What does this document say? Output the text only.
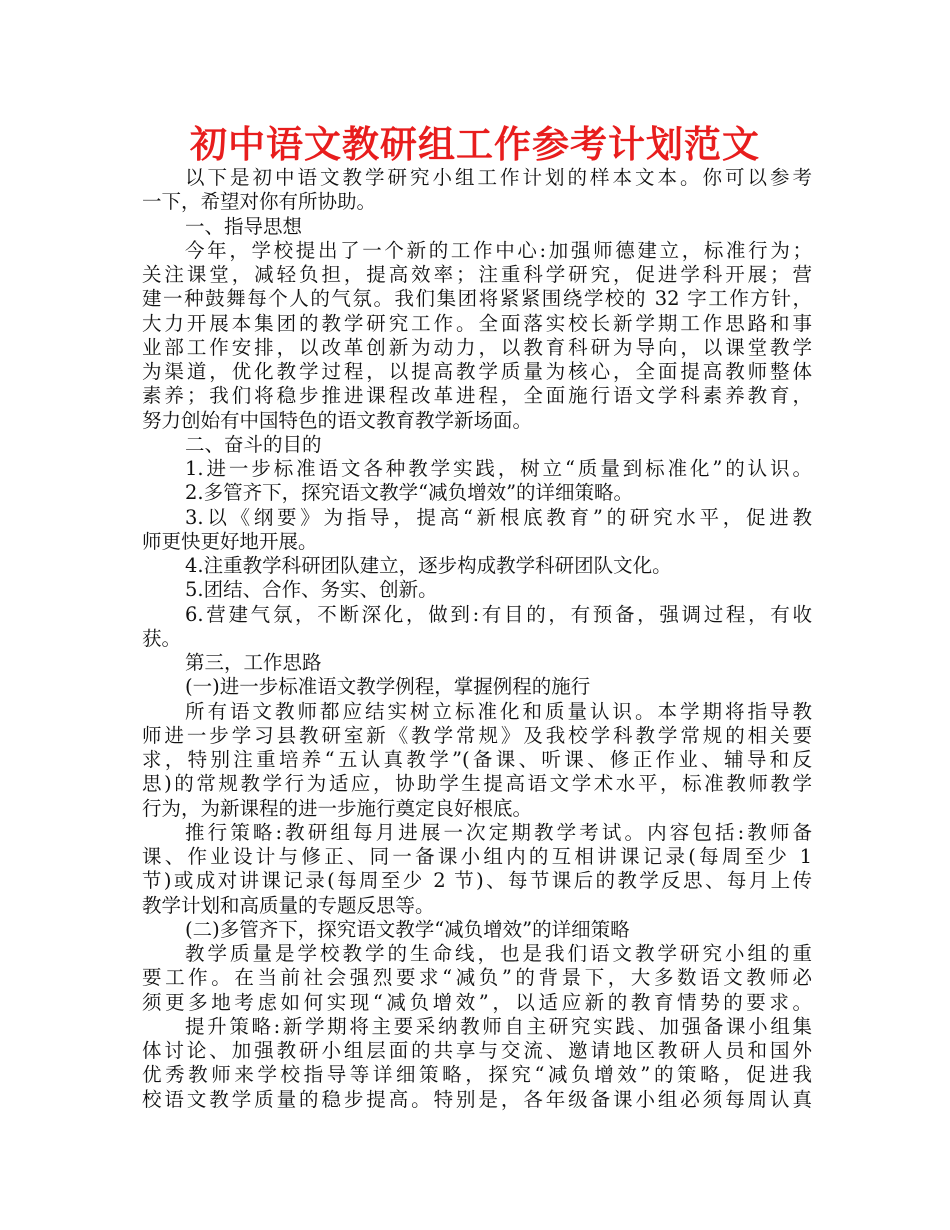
初中语文教研组工作参考计划范文
以下是初中语文教学研究小组工作计划的样本文本。你可以参考
一下，希望对你有所协助。
一、指导思想
今年，学校提出了一个新的工作中心:加强师德建立，标准行为；
关注课堂，减轻负担，提高效率；注重科学研究，促进学科开展；营
建一种鼓舞每个人的气氛。我们集团将紧紧围绕学校的 32 字工作方针，
大力开展本集团的教学研究工作。全面落实校长新学期工作思路和事
业部工作安排，以改革创新为动力，以教育科研为导向，以课堂教学
为渠道，优化教学过程，以提高教学质量为核心，全面提高教师整体
素养；我们将稳步推进课程改革进程，全面施行语文学科素养教育，
努力创始有中国特色的语文教育教学新场面。
二、奋斗的目的
1.进一步标准语文各种教学实践，树立“质量到标准化”的认识。
2.多管齐下，探究语文教学“减负增效”的详细策略。
3.以《纲要》为指导，提高“新根底教育”的研究水平，促进教
师更快更好地开展。
4.注重教学科研团队建立，逐步构成教学科研团队文化。
5.团结、合作、务实、创新。
6.营建气氛，不断深化，做到:有目的，有预备，强调过程，有收
获。
第三，工作思路
(一)进一步标准语文教学例程，掌握例程的施行
所有语文教师都应结实树立标准化和质量认识。本学期将指导教
师进一步学习县教研室新《教学常规》及我校学科教学常规的相关要
求，特别注重培养“五认真教学”(备课、听课、修正作业、辅导和反
思)的常规教学行为适应，协助学生提高语文学术水平，标准教师教学
行为，为新课程的进一步施行奠定良好根底。
推行策略:教研组每月进展一次定期教学考试。内容包括:教师备
课、作业设计与修正、同一备课小组内的互相讲课记录(每周至少 1
节)或成对讲课记录(每周至少 2 节)、每节课后的教学反思、每月上传
教学计划和高质量的专题反思等。
(二)多管齐下，探究语文教学“减负增效”的详细策略
教学质量是学校教学的生命线，也是我们语文教学研究小组的重
要工作。在当前社会强烈要求“减负”的背景下，大多数语文教师必
须更多地考虑如何实现“减负增效”，以适应新的教育情势的要求。
提升策略:新学期将主要采纳教师自主研究实践、加强备课小组集
体讨论、加强教研小组层面的共享与交流、邀请地区教研人员和国外
优秀教师来学校指导等详细策略，探究“减负增效”的策略，促进我
校语文教学质量的稳步提高。特别是，各年级备课小组必须每周认真
